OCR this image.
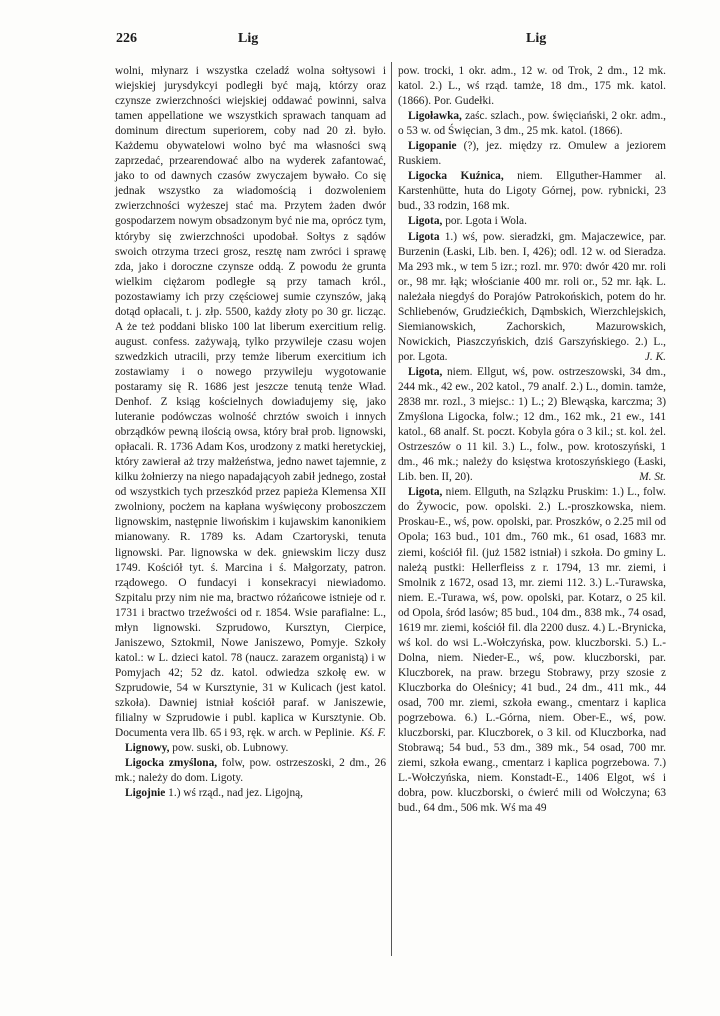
226	Lig	Lig

wolni, młynarz i wszystka czeladź wolna sołtysowi i wiejskiej jurysdykcyi podległi być mają, którzy oraz czynsze zwierzchności wiejskiej oddawać powinni, salva tamen appellatione we wszystkich sprawach tanquam ad dominum directum superiorem, coby nad 20 zł. było. Każdemu obywatelowi wolno być ma własności swą zaprzedać, przearendować albo na wyderek zafantować, jako to od dawnych czasów zwyczajem bywało. Co się jednak wszystko za wiadomością i dozwoleniem zwierzchności wyżeszej stać ma. Przytem żaden dwór gospodarzem nowym obsadzonym być nie ma, oprócz tym, któryby się zwierzchności upodobał. Sołtys z sądów swoich otrzyma trzeci grosz, resztę nam zwróci i sprawę zda, jako i doroczne czynsze oddą. Z powodu że grunta wielkim ciężarom podległe są przy tamach król., pozostawiamy ich przy częściowej sumie czynszów, jaką dotąd opłacali, t. j. złp. 5500, każdy złoty po 30 gr. licząc. A że też poddani blisko 100 lat liberum exercitium relig. august. confess. zażywają, tylko przywileje czasu wojen szwedzkich utracili, przy temże liberum exercitium ich zostawiamy i o nowego przywileju wygotowanie postaramy się R. 1686 jest jeszcze tenutą tenże Wład. Denhof. Z ksiąg kościelnych dowiadujemy się, jako luteranie podówczas wolność chrztów swoich i innych obrządków pewną ilością owsa, który brał prob. lignowski, opłacali. R. 1736 Adam Kos, urodzony z matki heretyckiej, który zawierał aż trzy małżeństwa, jedno nawet tajemnie, z kilku żołnierzy na niego napadającyoh zabił jednego, został od wszystkich tych przeszkód przez papieża Klemensa XII zwolniony, pocżem na kapłana wyświęcony proboszczem lignowskim, następnie liwońskim i kujawskim kanonikiem mianowany. R. 1789 ks. Adam Czartoryski, tenuta lignowski. Par. lignowska w dek. gniewskim liczy dusz 1749. Kościół tyt. ś. Marcina i ś. Małgorzaty, patron. rządowego. O fundacyi i konsekracyi niewiadomo. Szpitalu przy nim nie ma, bractwo różańcowe istnieje od r. 1731 i bractwo trzeźwości od r. 1854. Wsie parafialne: L., młyn lignowski. Szprudowo, Kursztyn, Cierpice, Janiszewo, Sztokmil, Nowe Janiszewo, Pomyje. Szkoły katol.: w L. dzieci katol. 78 (naucz. zarazem organistą) i w Pomyjach 42; 52 dz. katol. odwiedza szkołę ew. w Szprudowie, 54 w Kursztynie, 31 w Kulicach (jest katol. szkoła). Dawniej istniał kościół paraf. w Janiszewie, filialny w Szprudowie i publ. kaplica w Kursztynie. Ob. Documenta vera llb. 65 i 93, ręk. w arch. w Peplinie. Kś. F.

Lignowy, pow. suski, ob. Lubnowy.

Ligocka zmyślona, folw, pow. ostrzeszoski, 2 dm., 26 mk.; należy do dom. Ligoty.

Ligojnie 1.) wś rząd., nad jez. Ligojną,

pow. trocki, 1 okr. adm., 12 w. od Trok, 2 dm., 12 mk. katol. 2.) L., wś rząd. tamże, 18 dm., 175 mk. katol. (1866). Por. Gudełki.

Ligoławka, zaśc. szlach., pow. święciański, 2 okr. adm., o 53 w. od Święcian, 3 dm., 25 mk. katol. (1866).

Ligopanie (?), jez. między rz. Omulew a jeziorem Ruskiem.

Ligocka Kuźnica, niem. Ellguther-Hammer al. Karstenhütte, huta do Ligoty Górnej, pow. rybnicki, 23 bud., 33 rodzin, 168 mk.

Ligota, por. Lgota i Wola.

Ligota 1.) wś, pow. sieradzki, gm. Majaczewice, par. Burzenin (Łaski, Lib. ben. I, 426); odl. 12 w. od Sieradza. Ma 293 mk., w tem 5 izr.; rozl. mr. 970: dwór 420 mr. roli or., 98 mr. łąk; włościanie 400 mr. roli or., 52 mr. łąk. L. należała niegdyś do Porajów Patrokońskich, potem do hr. Schliebenów, Grudziećkich, Dąmbskich, Wierzchlejskich, Siemianowskich, Zachorskich, Mazurowskich, Nowickich, Piaszczyńskich, dziś Garszyńskiego. 2.) L., por. Lgota.	J. K.

Ligota, niem. Ellgut, wś, pow. ostrzeszowski, 34 dm., 244 mk., 42 ew., 202 katol., 79 analf. 2.) L., domin. tamże, 2838 mr. rozl., 3 miejsc.: 1) L.; 2) Blewąska, karczma; 3) Zmyślona Ligocka, folw.; 12 dm., 162 mk., 21 ew., 141 katol., 68 analf. St. poczt. Kobyla góra o 3 kil.; st. kol. żel. Ostrzeszów o 11 kil. 3.) L., folw., pow. krotoszyński, 1 dm., 46 mk.; należy do księstwa krotoszyńskiego (Łaski, Lib. ben. II, 20).	M. St.

Ligota, niem. Ellguth, na Szlązku Pruskim: 1.) L., folw. do Żywocic, pow. opolski. 2.) L.-proszkowska, niem. Proskau-E., wś, pow. opolski, par. Proszków, o 2.25 mil od Opola; 163 bud., 101 dm., 760 mk., 61 osad, 1683 mr. ziemi, kościół fil. (już 1582 istniał) i szkoła. Do gminy L. należą pustki: Hellerfleiss z r. 1794, 13 mr. ziemi, i Smolnik z 1672, osad 13, mr. ziemi 112. 3.) L.-Turawska, niem. E.-Turawa, wś, pow. opolski, par. Kotarz, o 25 kil. od Opola, śród lasów; 85 bud., 104 dm., 838 mk., 74 osad, 1619 mr. ziemi, kościół fil. dla 2200 dusz. 4.) L.-Brynicka, wś kol. do wsi L.-Wołczyńska, pow. kluczborski. 5.) L.-Dolna, niem. Nieder-E., wś, pow. kluczborski, par. Kluczborek, na praw. brzegu Stobrawy, przy szosie z Kluczborka do Oleśnicy; 41 bud., 24 dm., 411 mk., 44 osad, 700 mr. ziemi, szkoła ewang., cmentarz i kaplica pogrzebowa. 6.) L.-Górna, niem. Ober-E., wś, pow. kluczborski, par. Kluczborek, o 3 kil. od Kluczborka, nad Stobrawą; 54 bud., 53 dm., 389 mk., 54 osad, 700 mr. ziemi, szkoła ewang., cmentarz i kaplica pogrzebowa. 7.) L.-Wołczyńska, niem. Konstadt-E., 1406 Elgot, wś i dobra, pow. kluczborski, o ćwierć mili od Wołczyna; 63 bud., 64 dm., 506 mk. Wś ma 49
